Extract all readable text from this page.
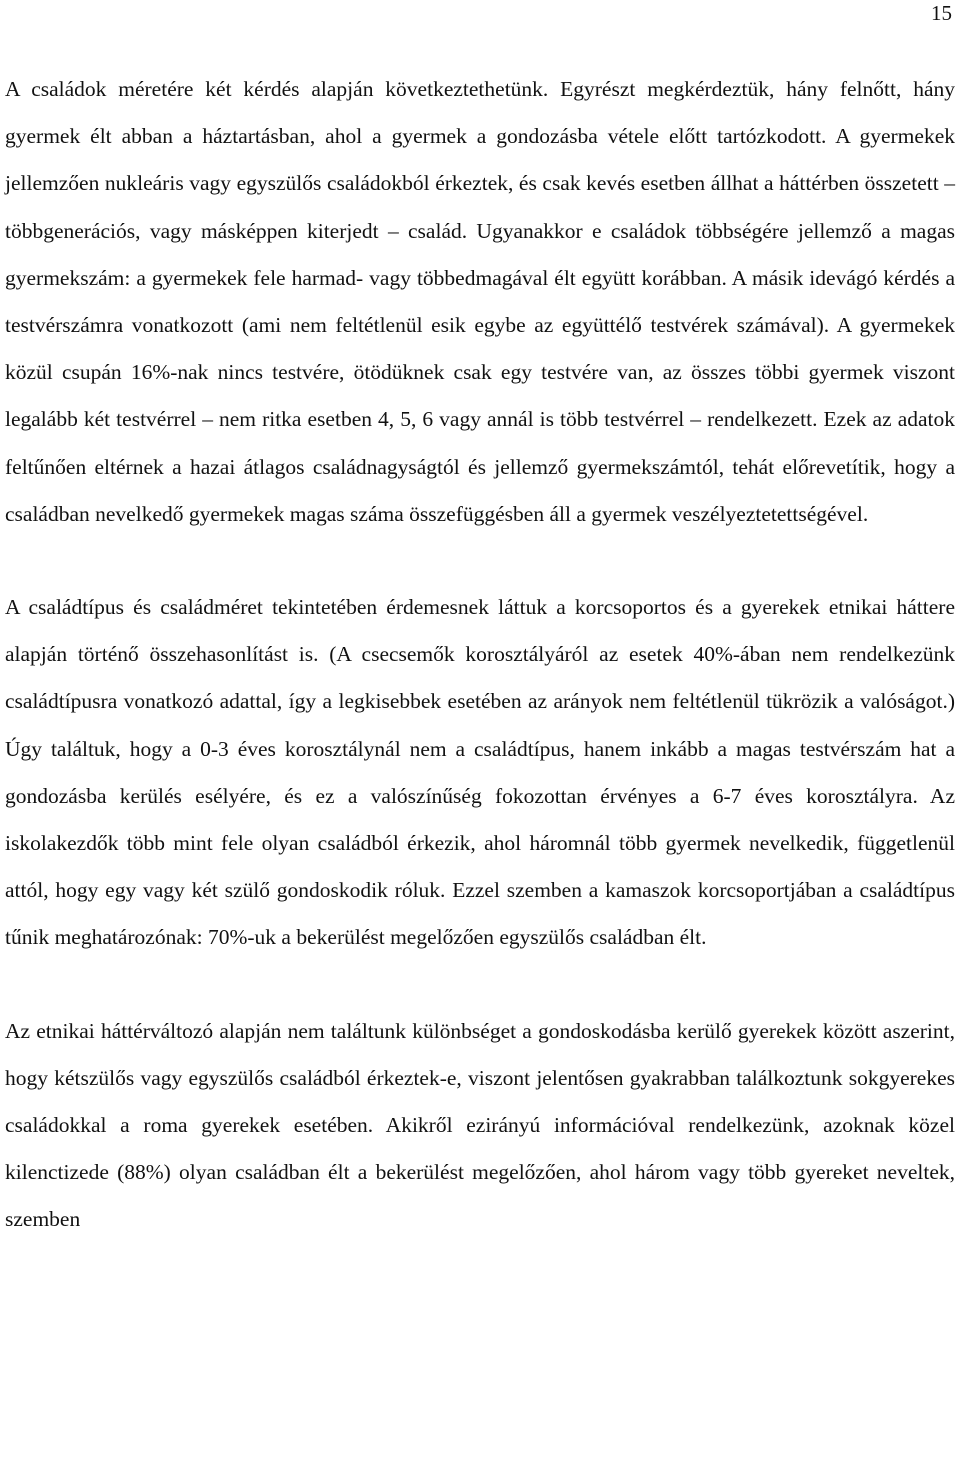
15

A családok méretére két kérdés alapján következtethetünk. Egyrészt megkérdeztük, hány felnőtt, hány gyermek élt abban a háztartásban, ahol a gyermek a gondozásba vétele előtt tartózkodott. A gyermekek jellemzően nukleáris vagy egyszülős családokból érkeztek, és csak kevés esetben állhat a háttérben összetett – többgenerációs, vagy másképpen kiterjedt – család. Ugyanakkor e családok többségére jellemző a magas gyermekszám: a gyermekek fele harmad- vagy többedmagával élt együtt korábban. A másik idevágó kérdés a testvérszámra vonatkozott (ami nem feltétlenül esik egybe az együttélő testvérek számával). A gyermekek közül csupán 16%-nak nincs testvére, ötödüknek csak egy testvére van, az összes többi gyermek viszont legalább két testvérrel – nem ritka esetben 4, 5, 6 vagy annál is több testvérrel – rendelkezett. Ezek az adatok feltűnően eltérnek a hazai átlagos családnagyságtól és jellemző gyermekszámtól, tehát előrevetítik, hogy a családban nevelkedő gyermekek magas száma összefüggésben áll a gyermek veszélyeztetettségével.

A családtípus és családméret tekintetében érdemesnek láttuk a korcsoportos és a gyerekek etnikai háttere alapján történő összehasonlítást is. (A csecsemők korosztályáról az esetek 40%-ában nem rendelkezünk családtípusra vonatkozó adattal, így a legkisebbek esetében az arányok nem feltétlenül tükrözik a valóságot.) Úgy találtuk, hogy a 0-3 éves korosztálynál nem a családtípus, hanem inkább a magas testvérszám hat a gondozásba kerülés esélyére, és ez a valószínűség fokozottan érvényes a 6-7 éves korosztályra. Az iskolakezdők több mint fele olyan családból érkezik, ahol háromnál több gyermek nevelkedik, függetlenül attól, hogy egy vagy két szülő gondoskodik róluk. Ezzel szemben a kamaszok korcsoportjában a családtípus tűnik meghatározónak: 70%-uk a bekerülést megelőzően egyszülős családban élt.

Az etnikai háttérváltozó alapján nem találtunk különbséget a gondoskodásba kerülő gyerekek között aszerint, hogy kétszülős vagy egyszülős családból érkeztek-e, viszont jelentősen gyakrabban találkoztunk sokgyerekes családokkal a roma gyerekek esetében. Akikről ezirányú információval rendelkezünk, azoknak közel kilenctizede (88%) olyan családban élt a bekerülést megelőzően, ahol három vagy több gyereket neveltek, szemben
